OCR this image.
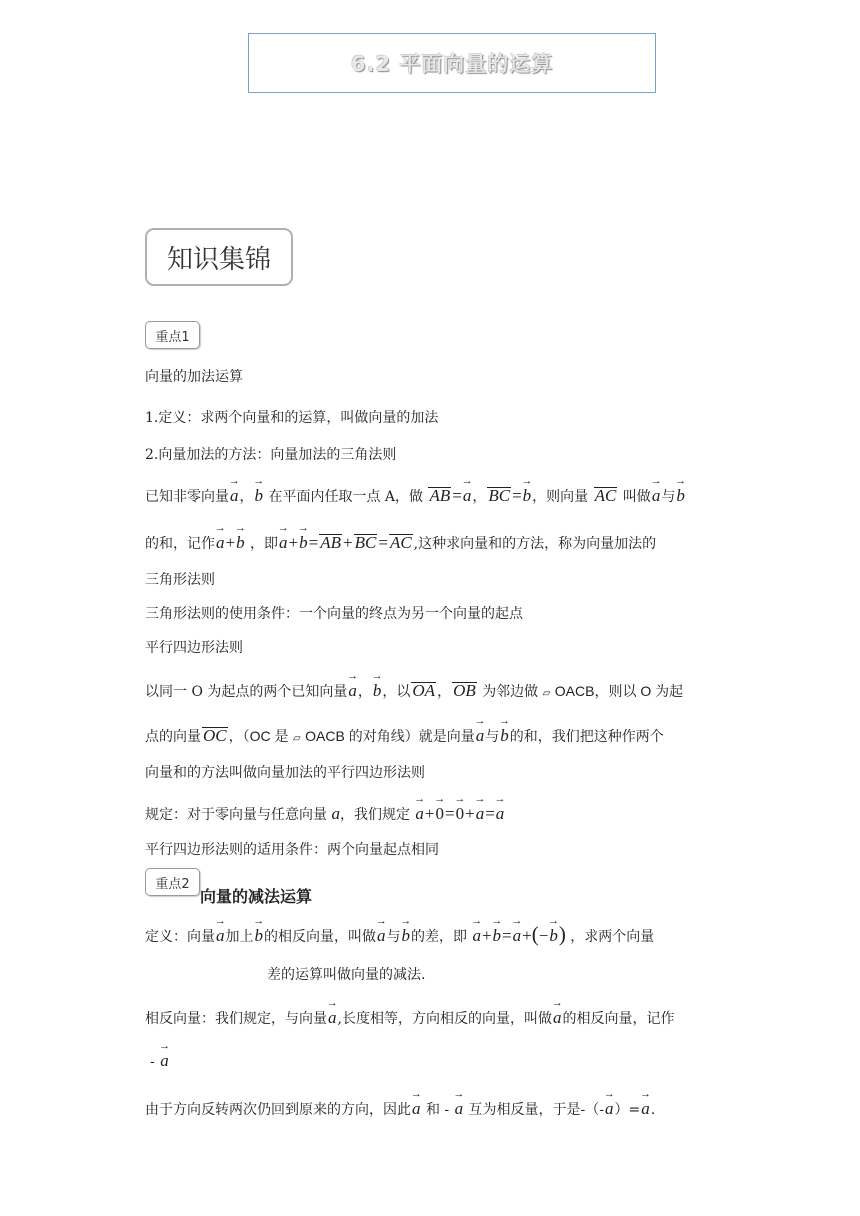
6.2 平面向量的运算
知识集锦
重点1
向量的加法运算
1.定义：求两个向量和的运算，叫做向量的加法
2.向量加法的方法：向量加法的三角法则
已知非零向量→ a，→ b 在平面内任取一点 A，做 AB =→ a， BC =→ b，则向量 AC 叫做→ a与→ b
的和，记作→ a+→ b ，即→ a+→ b= AB + BC = AC ,这种求向量和的方法，称为向量加法的
三角形法则
三角形法则的使用条件：一个向量的终点为另一个向量的起点
平行四边形法则
以同一 O 为起点的两个已知向量→ a，→ b，以 OA ， OB 为邻边做 ▱ OACB，则以 O 为起
点的向量 OC ，（OC 是 ▱ OACB 的对角线）就是向量→ a与→ b的和，我们把这种作两个
向量和的方法叫做向量加法的平行四边形法则
规定：对于零向量与任意向量 a，我们规定 → a+→ 0=→ 0+→ a=→ a
平行四边形法则的适用条件：两个向量起点相同
重点2
向量的减法运算
定义：向量→ a加上→ b的相反向量，叫做→ a与→ b的差，即 → a+→ b=→ a+(−→ b) ，求两个向量
差的运算叫做向量的减法.
相反向量：我们规定，与向量→ a,长度相等，方向相反的向量，叫做→ a的相反向量，记作
- → a
由于方向反转两次仍回到原来的方向，因此→ a 和 - → a 互为相反量，于是-（-→ a）=→ a.
